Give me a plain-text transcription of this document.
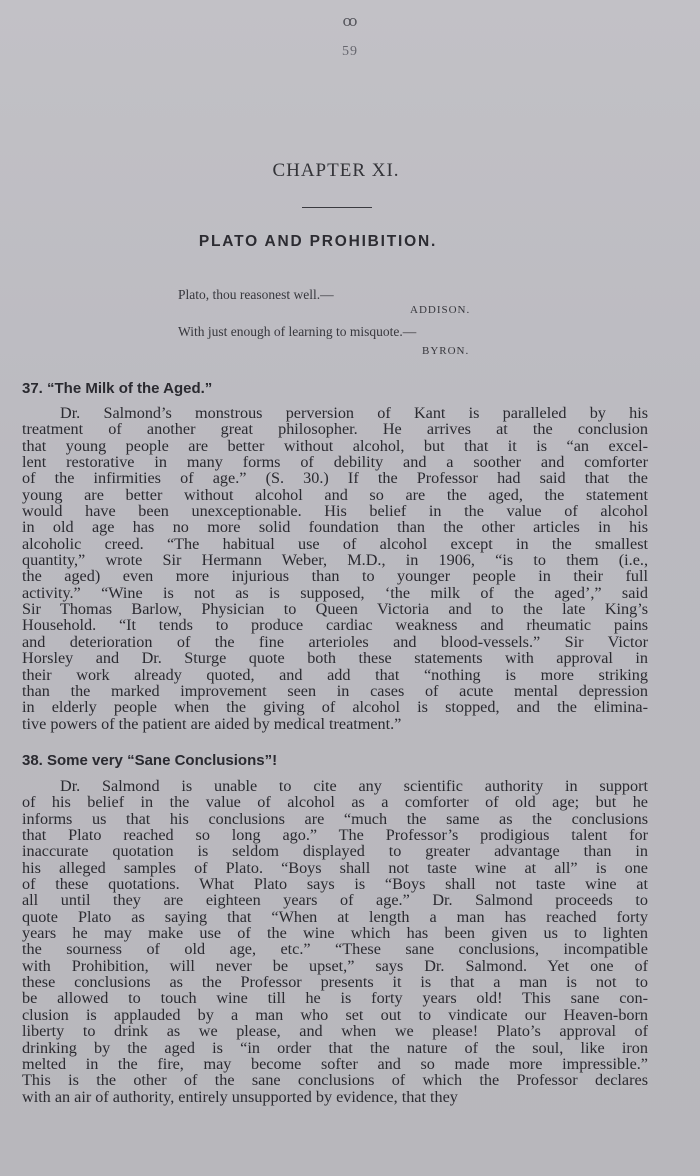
ꝏ
59
CHAPTER XI.
PLATO AND PROHIBITION.
Plato, thou reasonest well.—
ADDISON.
With just enough of learning to misquote.—
BYRON.
37. “The Milk of the Aged.”
Dr. Salmond’s monstrous perversion of Kant is paralleled by his
treatment of another great philosopher. He arrives at the conclusion
that young people are better without alcohol, but that it is “an excel-
lent restorative in many forms of debility and a soother and comforter
of the infirmities of age.” (S. 30.) If the Professor had said that the
young are better without alcohol and so are the aged, the statement
would have been unexceptionable. His belief in the value of alcohol
in old age has no more solid foundation than the other articles in his
alcoholic creed. “The habitual use of alcohol except in the smallest
quantity,” wrote Sir Hermann Weber, M.D., in 1906, “is to them (i.e.,
the aged) even more injurious than to younger people in their full
activity.” “Wine is not as is supposed, ‘the milk of the aged’,” said
Sir Thomas Barlow, Physician to Queen Victoria and to the late King’s
Household. “It tends to produce cardiac weakness and rheumatic pains
and deterioration of the fine arterioles and blood-vessels.” Sir Victor
Horsley and Dr. Sturge quote both these statements with approval in
their work already quoted, and add that “nothing is more striking
than the marked improvement seen in cases of acute mental depression
in elderly people when the giving of alcohol is stopped, and the elimina-
tive powers of the patient are aided by medical treatment.”
38. Some very “Sane Conclusions”!
Dr. Salmond is unable to cite any scientific authority in support
of his belief in the value of alcohol as a comforter of old age; but he
informs us that his conclusions are “much the same as the conclusions
that Plato reached so long ago.” The Professor’s prodigious talent for
inaccurate quotation is seldom displayed to greater advantage than in
his alleged samples of Plato. “Boys shall not taste wine at all” is one
of these quotations. What Plato says is “Boys shall not taste wine at
all until they are eighteen years of age.” Dr. Salmond proceeds to
quote Plato as saying that “When at length a man has reached forty
years he may make use of the wine which has been given us to lighten
the sourness of old age, etc.” “These sane conclusions, incompatible
with Prohibition, will never be upset,” says Dr. Salmond. Yet one of
these conclusions as the Professor presents it is that a man is not to
be allowed to touch wine till he is forty years old! This sane con-
clusion is applauded by a man who set out to vindicate our Heaven-born
liberty to drink as we please, and when we please! Plato’s approval of
drinking by the aged is “in order that the nature of the soul, like iron
melted in the fire, may become softer and so made more impressible.”
This is the other of the sane conclusions of which the Professor declares
with an air of authority, entirely unsupported by evidence, that they
